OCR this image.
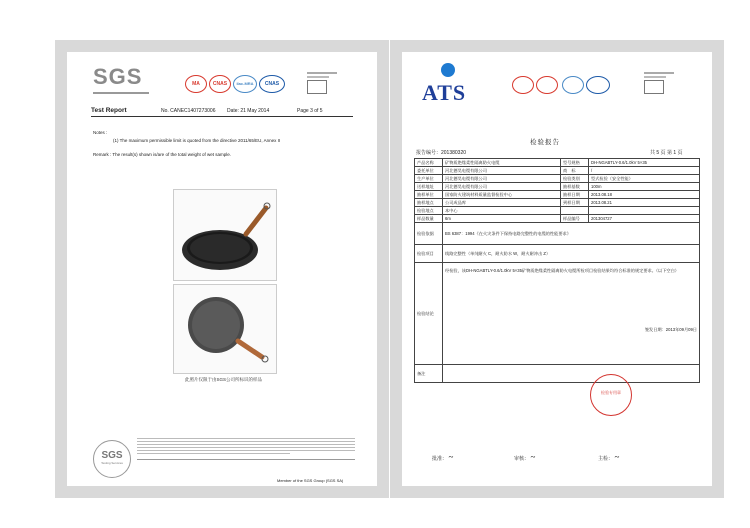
SGS	MA	CNAS	ilac-MRA	CNAS
Test Report	No. CANEC1407273006 Date: 21 May 2014	Page 3 of 5
Notes :
(1) The maximum permissible limit is quoted from the directive 2011/65/EU, Annex II
Remark : The result(s) shown is/are of the total weight of wet sample.
此照片仅限于由SGS公司所标识的样品
SGS
Testing Services
Member of the SGS Group (SGS SA)
ATS
检验报告
报告编号：201380320	共 5 页 第 1 页
产品名称	矿物质绝缘柔性隔离防火电缆	型号规格	DH-NGABTLY-0.6/1.0kV 5×35
委托单位	河北德昊电缆有限公司	商　标	/
生产单位	河北德昊电缆有限公司	检验类别	型式检验（安全性能）
送样地址	河北德昊电缆有限公司	抽样基数	100m
抽样单位	国家防火建筑材料质量监督检验中心	抽样日期	2013.08.18
抽样地点	公司成品库	到样日期	2013.08.21
检验地点	本中心		
样品数量	6m	样品编号	201304727
检验依据	BS 6387：1994《在火灾条件下保持电路完整性的电缆的性能要求》		
检验项目	线路完整性（单纯耐火 C，耐火防水 W，耐火耐冲击 Z）		
检验结论	经检验，该DH-NGABTLY-0.6/1.0kV 5×35矿物质绝缘柔性隔离防火电缆所检项目检验结果均符合标准的规定要求。（以下空白）
签发日期：2013年09月09日		

备注			
检验专用章
批准： ~	审核： ~	主检： ~
